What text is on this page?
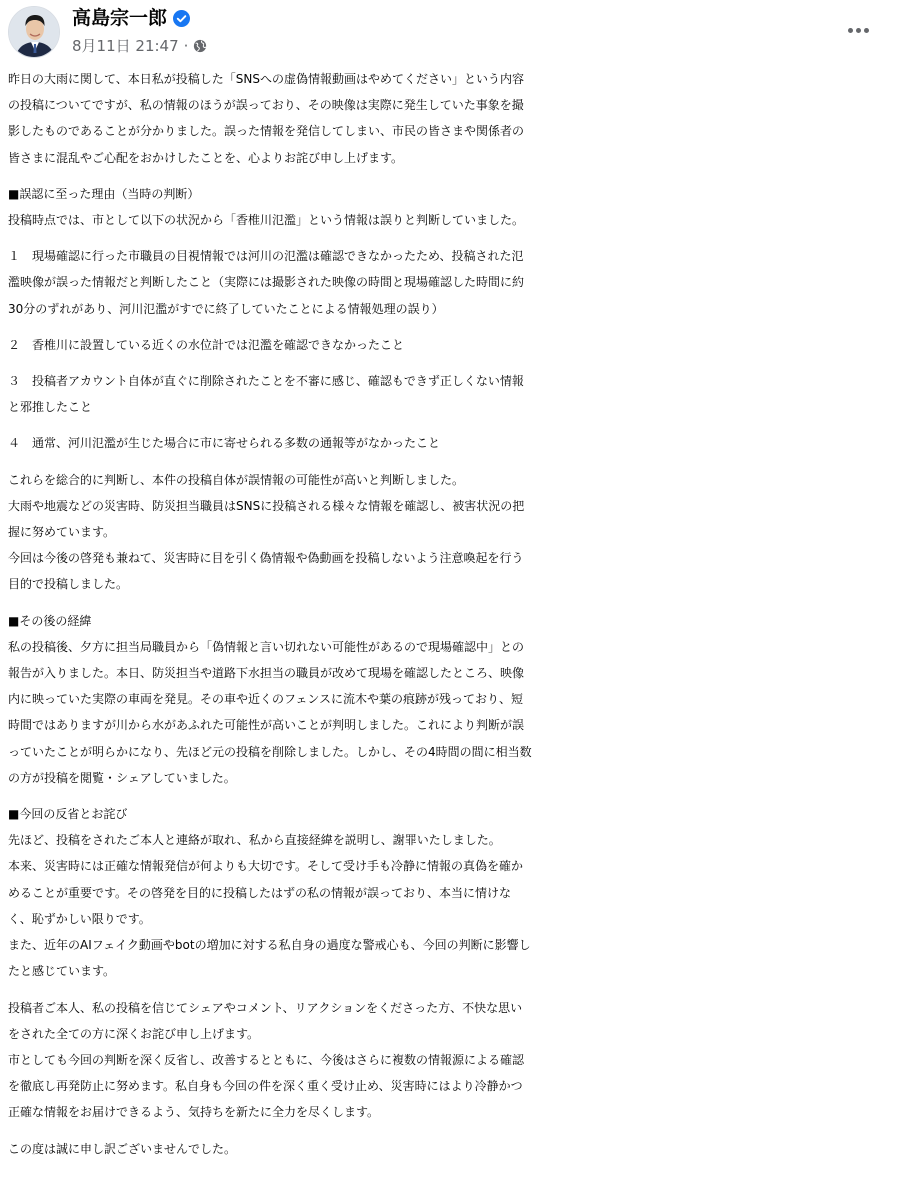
高島宗一郎
8月11日 21:47 ·
昨日の大雨に関して、本日私が投稿した「SNSへの虚偽情報動画はやめてください」という内容
の投稿についてですが、私の情報のほうが誤っており、その映像は実際に発生していた事象を撮
影したものであることが分かりました。誤った情報を発信してしまい、市民の皆さまや関係者の
皆さまに混乱やご心配をおかけしたことを、心よりお詫び申し上げます。
■誤認に至った理由（当時の判断）
投稿時点では、市として以下の状況から「香椎川氾濫」という情報は誤りと判断していました。
１　現場確認に行った市職員の目視情報では河川の氾濫は確認できなかったため、投稿された氾
濫映像が誤った情報だと判断したこと（実際には撮影された映像の時間と現場確認した時間に約
30分のずれがあり、河川氾濫がすでに終了していたことによる情報処理の誤り）
２　香椎川に設置している近くの水位計では氾濫を確認できなかったこと
３　投稿者アカウント自体が直ぐに削除されたことを不審に感じ、確認もできず正しくない情報
と邪推したこと
４　通常、河川氾濫が生じた場合に市に寄せられる多数の通報等がなかったこと
これらを総合的に判断し、本件の投稿自体が誤情報の可能性が高いと判断しました。
大雨や地震などの災害時、防災担当職員はSNSに投稿される様々な情報を確認し、被害状況の把
握に努めています。
今回は今後の啓発も兼ねて、災害時に目を引く偽情報や偽動画を投稿しないよう注意喚起を行う
目的で投稿しました。
■その後の経緯
私の投稿後、夕方に担当局職員から「偽情報と言い切れない可能性があるので現場確認中」との
報告が入りました。本日、防災担当や道路下水担当の職員が改めて現場を確認したところ、映像
内に映っていた実際の車両を発見。その車や近くのフェンスに流木や葉の痕跡が残っており、短
時間ではありますが川から水があふれた可能性が高いことが判明しました。これにより判断が誤
っていたことが明らかになり、先ほど元の投稿を削除しました。しかし、その4時間の間に相当数
の方が投稿を閲覧・シェアしていました。
■今回の反省とお詫び
先ほど、投稿をされたご本人と連絡が取れ、私から直接経緯を説明し、謝罪いたしました。
本来、災害時には正確な情報発信が何よりも大切です。そして受け手も冷静に情報の真偽を確か
めることが重要です。その啓発を目的に投稿したはずの私の情報が誤っており、本当に情けな
く、恥ずかしい限りです。
また、近年のAIフェイク動画やbotの増加に対する私自身の過度な警戒心も、今回の判断に影響し
たと感じています。
投稿者ご本人、私の投稿を信じてシェアやコメント、リアクションをくださった方、不快な思い
をされた全ての方に深くお詫び申し上げます。
市としても今回の判断を深く反省し、改善するとともに、今後はさらに複数の情報源による確認
を徹底し再発防止に努めます。私自身も今回の件を深く重く受け止め、災害時にはより冷静かつ
正確な情報をお届けできるよう、気持ちを新たに全力を尽くします。
この度は誠に申し訳ございませんでした。
